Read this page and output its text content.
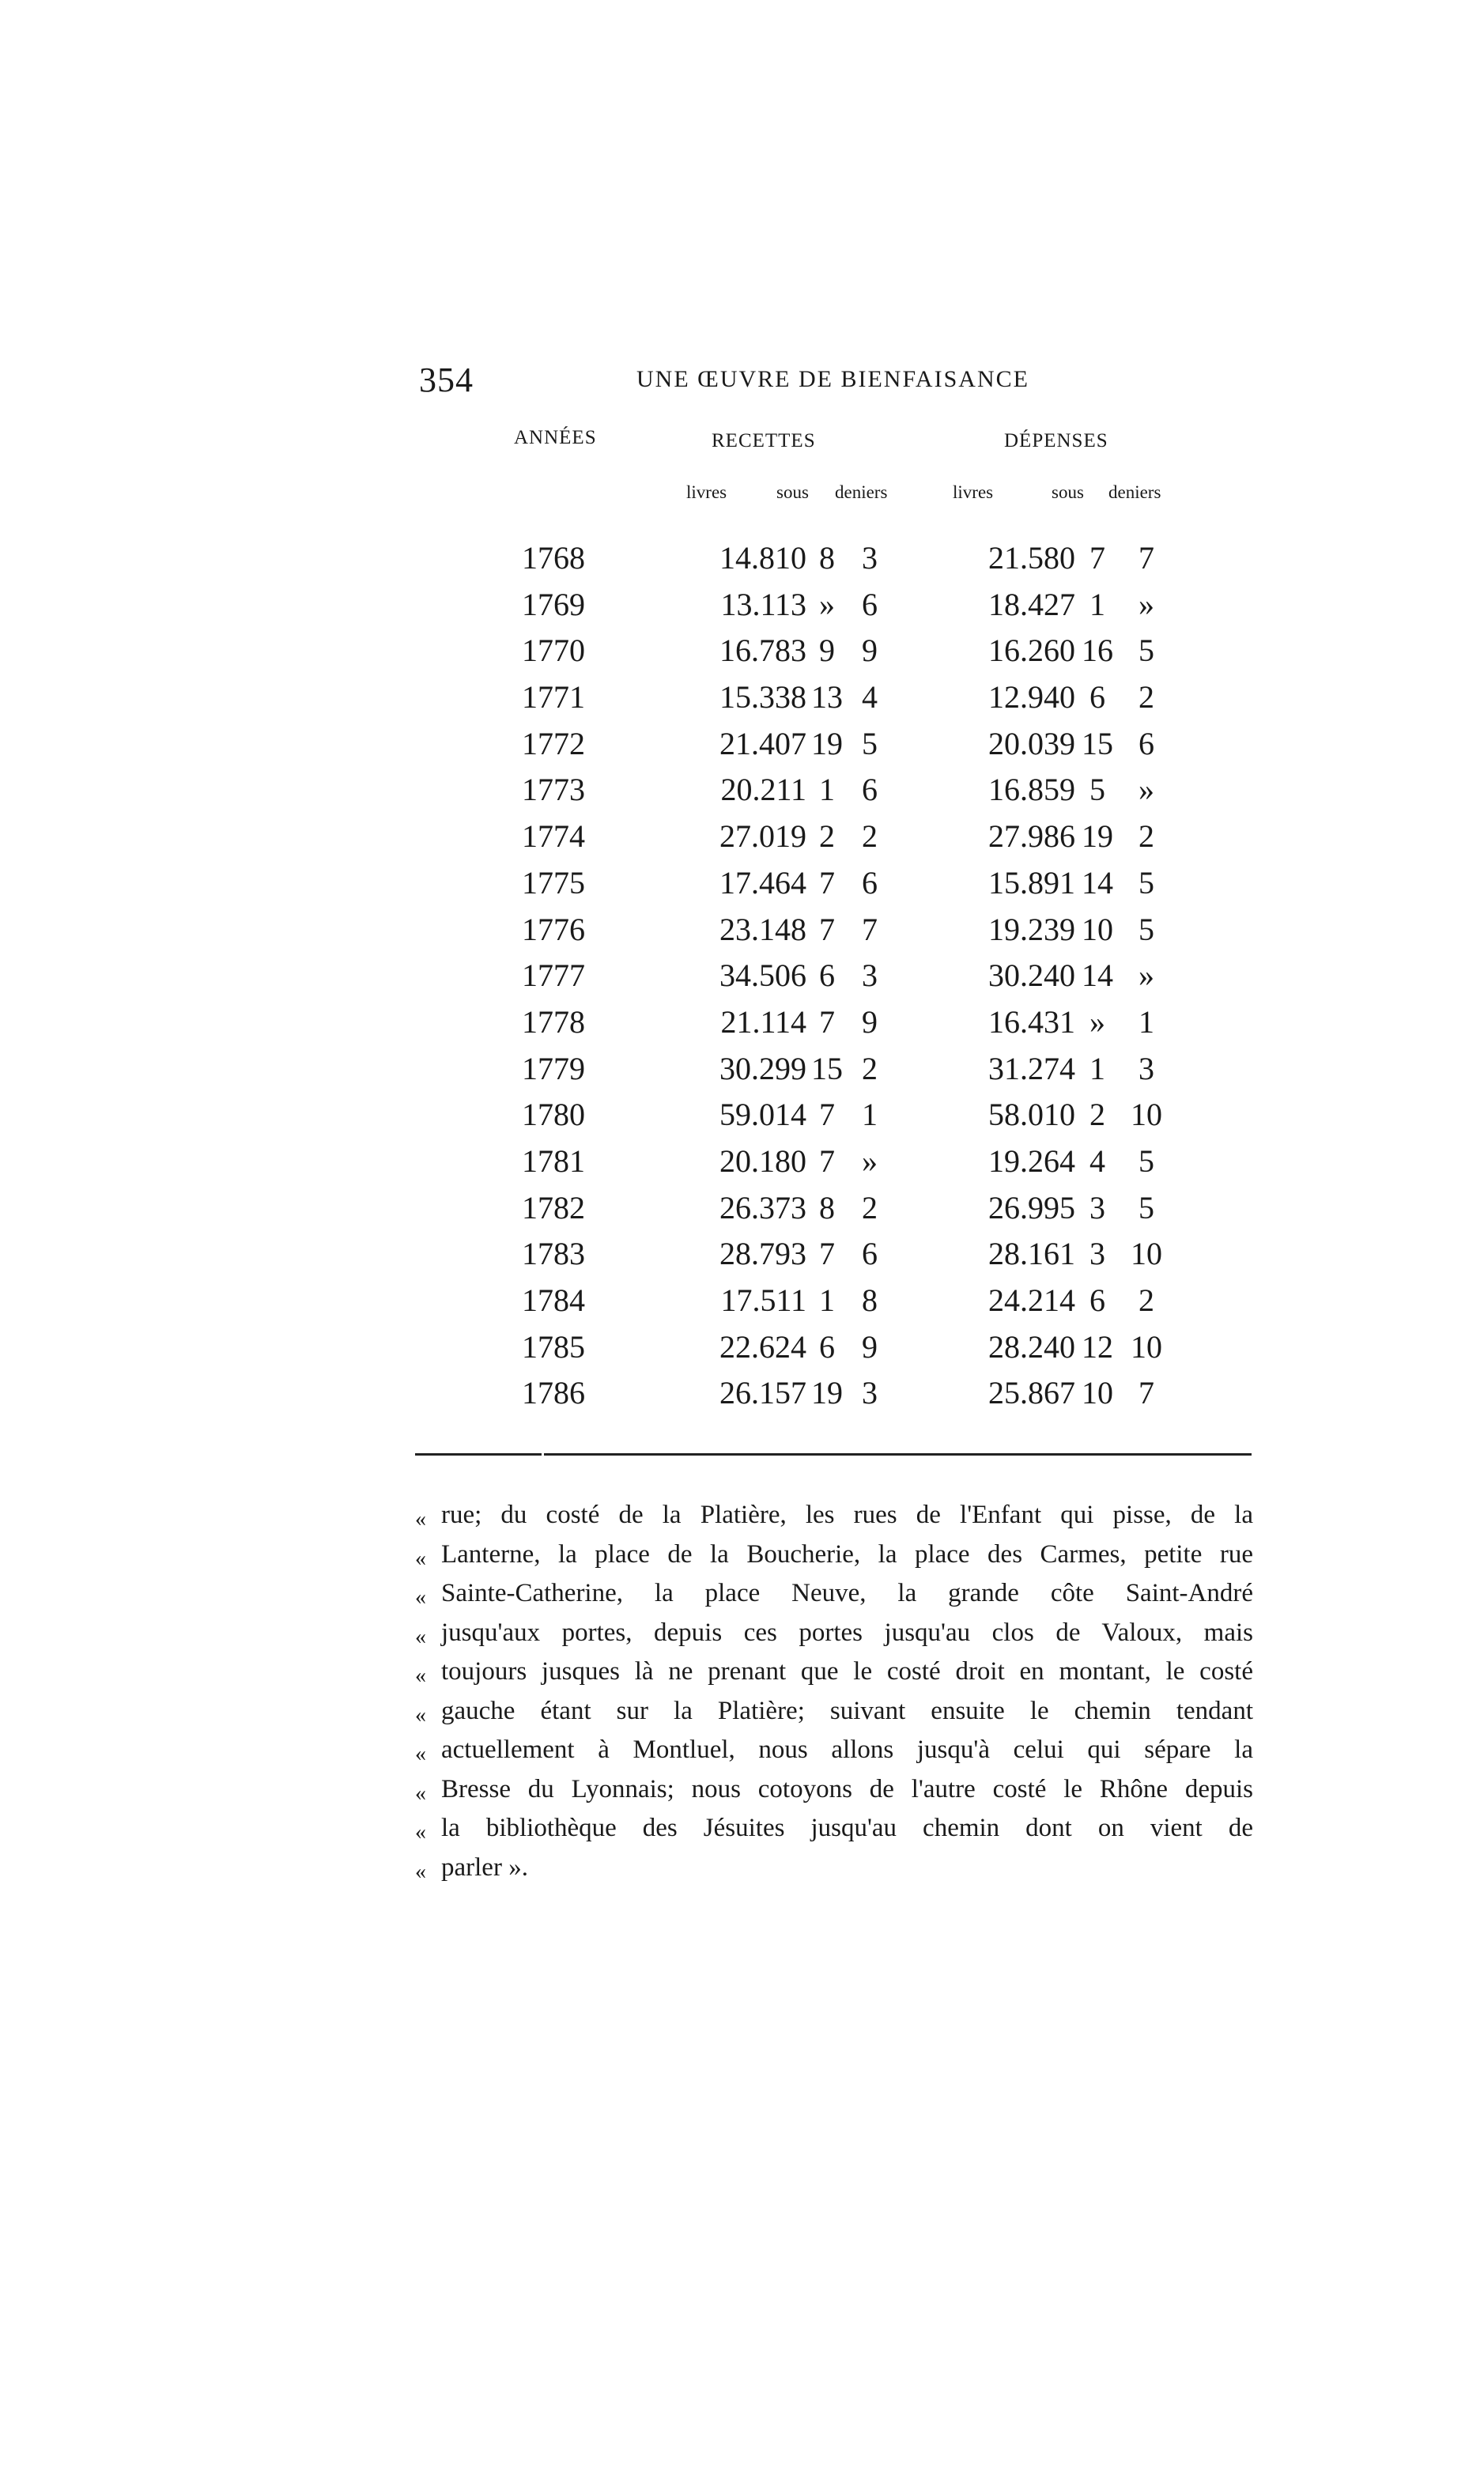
354	UNE ŒUVRE DE BIENFAISANCE
ANNÉES	RECETTES	DÉPENSES
livres	sous deniers	livres	sous deniers
1768	14.810 8 3	21.580 7	7
1769	13.113 » 6	18.427 1	»
1770	16.783 9 9	16.260 16 5
1771	15.338 13 4	12.940 6	2
1772	21.407 19 5	20.039 15 6
1773	20.211 1 6	16.859 5	»
1774	27.019 2 2	27.986 19 2
1775	17.464 7 6	15.891 14 5
1776	23.148 7 7	19.239 10 5
1777	34.506 6 3	30.240 14 »
1778	21.114 7 9	16.431 »	1
1779	30.299 15 2	31.274 1	3
1780	59.014 7 1	58.010 2 10
1781	20.180 7 »	19.264 4	5
1782	26.373 8 2	26.995 3	5
1783	28.793 7 6	28.161 3 10
1784	17.511 1 8	24.214 6	2
1785	22.624 6 9	28.240 12 10
1786	26.157 19 3	25.867 10 7
« rue; du costé de la Platière, les rues de l'Enfant qui pisse, de la
« Lanterne, la place de la Boucherie, la place des Carmes, petite rue
« Sainte-Catherine, la place Neuve, la grande côte Saint-André
« jusqu'aux portes, depuis ces portes jusqu'au clos de Valoux, mais
« toujours jusques là ne prenant que le costé droit en montant, le costé
« gauche étant sur la Platière; suivant ensuite le chemin tendant
« actuellement à Montluel, nous allons jusqu'à celui qui sépare la
« Bresse du Lyonnais; nous cotoyons de l'autre costé le Rhône depuis
« la bibliothèque des Jésuites jusqu'au chemin dont on vient de
« parler ».
